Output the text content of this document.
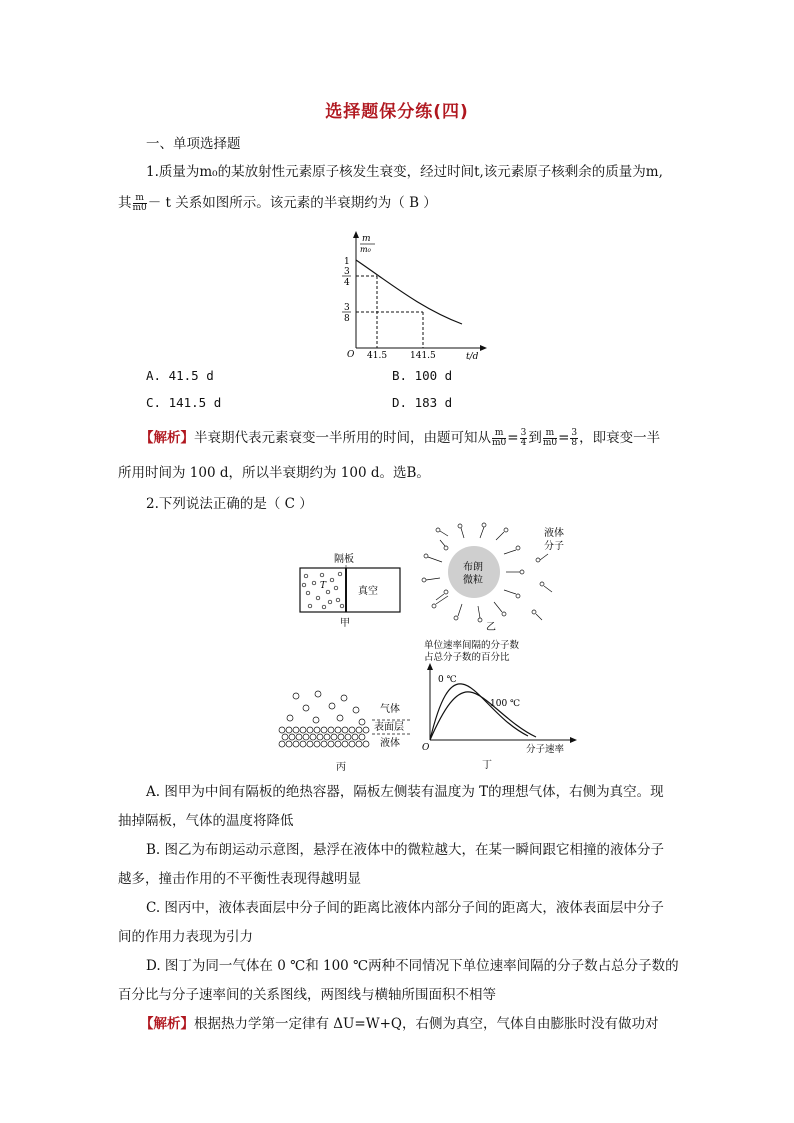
选择题保分练(四)
一、单项选择题
1.质量为m₀的某放射性元素原子核发生衰变，经过时间t,该元素原子核剩余的质量为m,
其 $\frac{m}{m0} - t$ 关系如图所示。该元素的半衰期约为（ B ）
m
m₀
1
3
4
3
8
O 41.5	141.5	t/d
A. 41.5 d	B. 100 d
C. 141.5 d	D. 183 d
【解析】半衰期代表元素衰变一半所用的时间，由题可知从 $\frac{m}{m0} = \frac{3}{4}$ 到 $\frac{m}{m0} = \frac{3}{8}$ ，即衰变一半
所用时间为 100 d，所以半衰期约为 100 d。选B。
2.下列说法正确的是（ C ）
隔板
T	真空
甲
布朗
微粒
液体
分子
乙
气体
表面层
液体
丙
单位速率间隔的分子数
占总分子数的百分比
0 ℃
100 ℃
O	分子速率
丁
A. 图甲为中间有隔板的绝热容器，隔板左侧装有温度为 T的理想气体，右侧为真空。现
抽掉隔板，气体的温度将降低
B. 图乙为布朗运动示意图，悬浮在液体中的微粒越大，在某一瞬间跟它相撞的液体分子
越多，撞击作用的不平衡性表现得越明显
C. 图丙中，液体表面层中分子间的距离比液体内部分子间的距离大，液体表面层中分子
间的作用力表现为引力
D. 图丁为同一气体在 0 ℃和 100 ℃两种不同情况下单位速率间隔的分子数占总分子数的
百分比与分子速率间的关系图线，两图线与横轴所围面积不相等
【解析】根据热力学第一定律有 ΔU=W+Q，右侧为真空，气体自由膨胀时没有做功对
